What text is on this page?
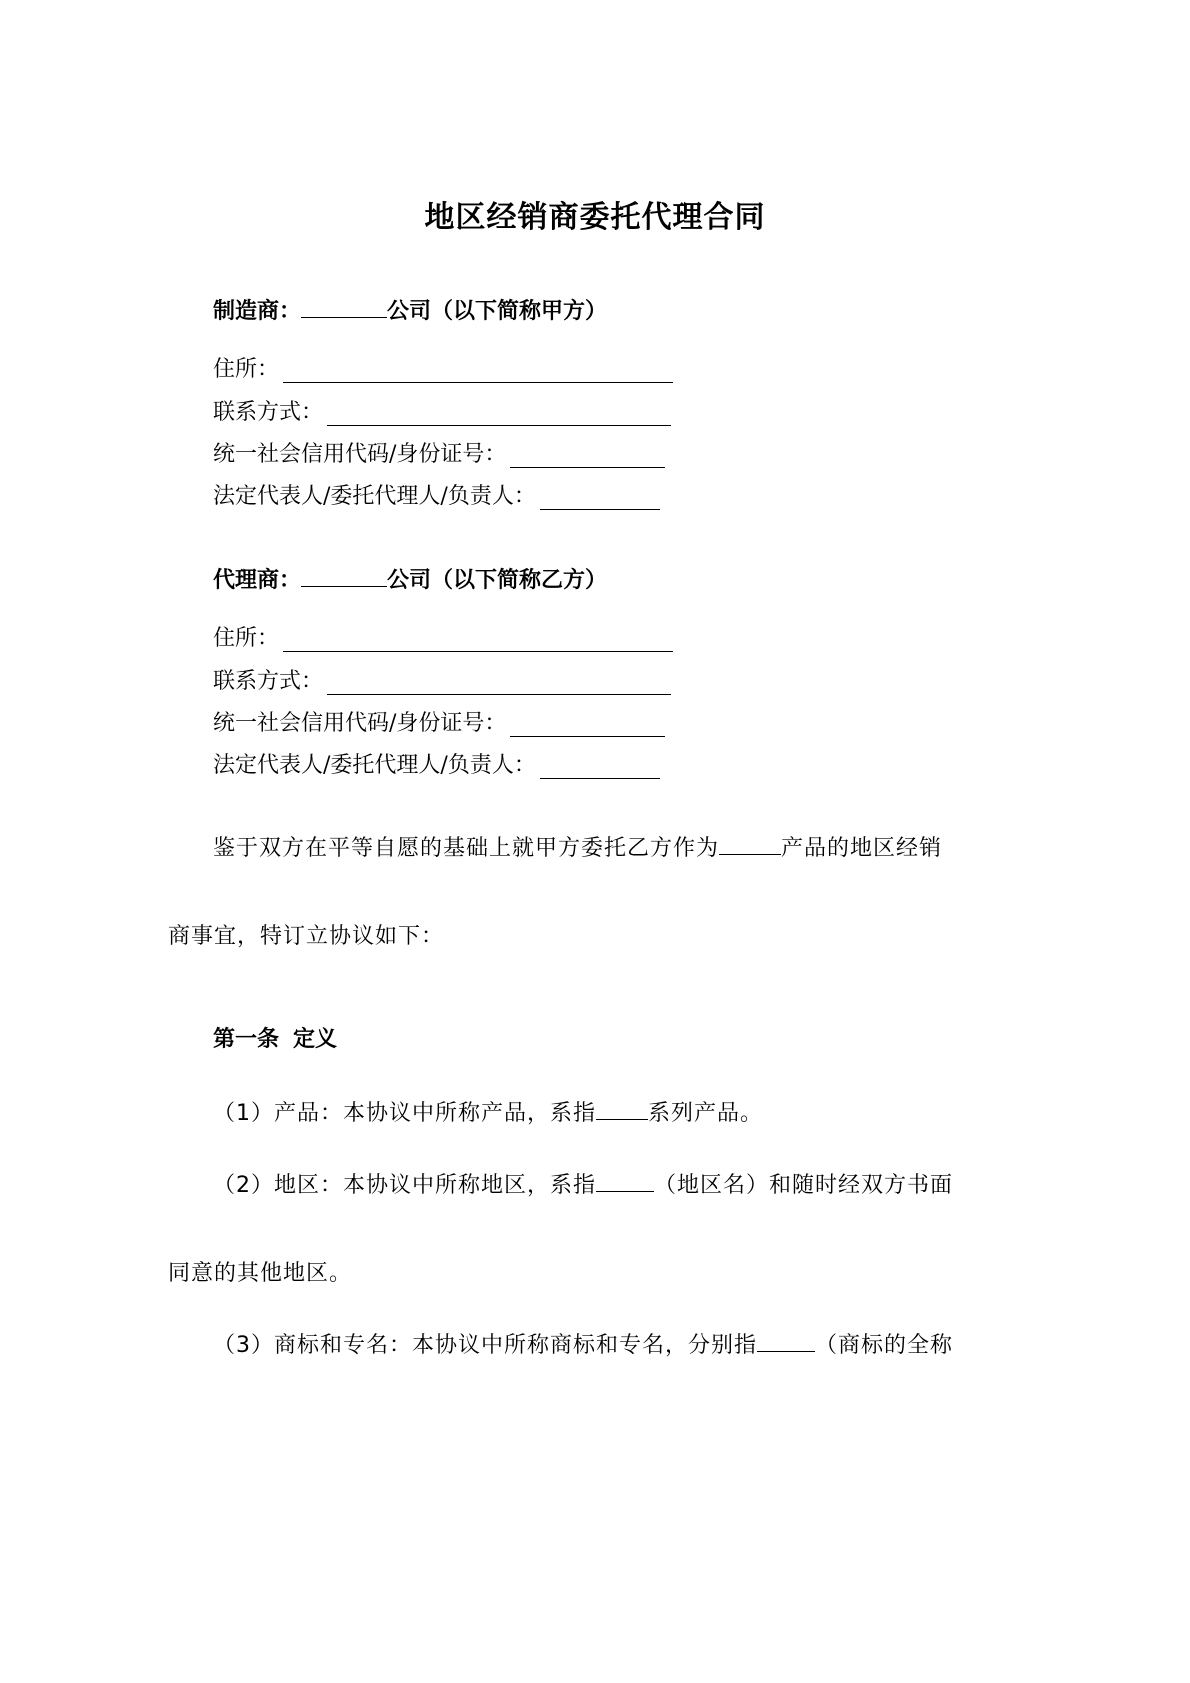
地区经销商委托代理合同
制造商：	公司（以下简称甲方）
住所：
联系方式：
统一社会信用代码/身份证号：
法定代表人/委托代理人/负责人：
代理商：	公司（以下简称乙方）
住所：
联系方式：
统一社会信用代码/身份证号：
法定代表人/委托代理人/负责人：
鉴于双方在平等自愿的基础上就甲方委托乙方作为	产品的地区经销
商事宜，特订立协议如下：
第一条 定义
（1）产品：本协议中所称产品，系指 系列产品。
（2）地区：本协议中所称地区，系指	（地区名）和随时经双方书面
同意的其他地区。
（3）商标和专名：本协议中所称商标和专名，分别指	（商标的全称
